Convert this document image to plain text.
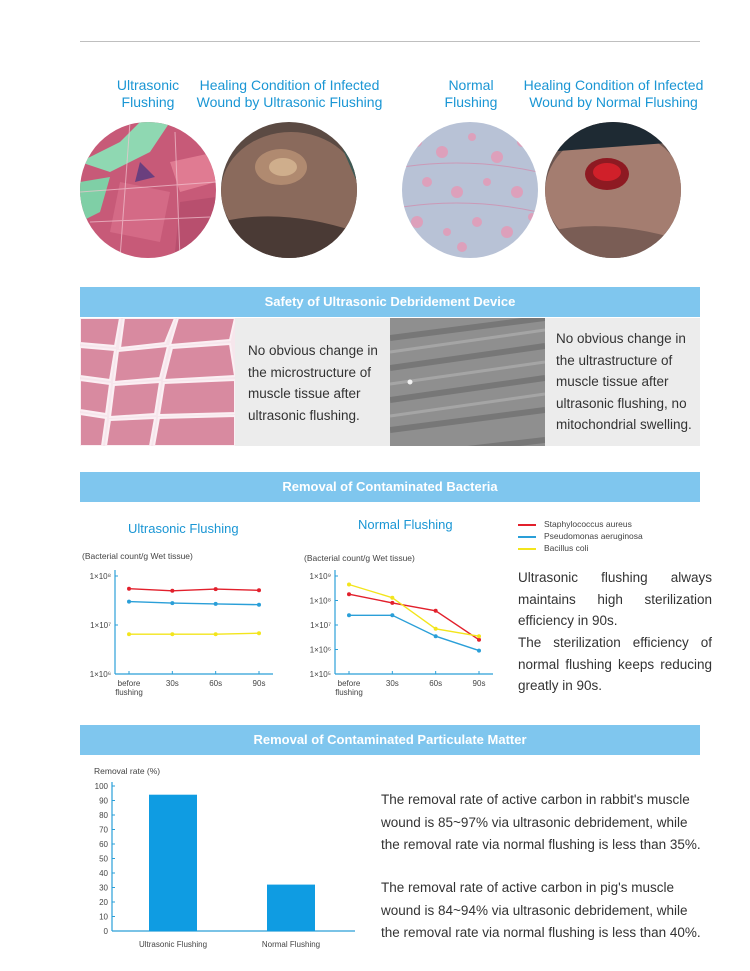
Ultrasonic
Flushing
Healing Condition of Infected
Wound by Ultrasonic Flushing
Normal
Flushing
Healing Condition of Infected
Wound by Normal Flushing
Safety of Ultrasonic Debridement Device
No obvious change in the microstructure of muscle tissue after ultrasonic flushing.
No obvious change in the ultrastructure of muscle tissue after ultrasonic flushing, no mitochondrial swelling.
Removal of Contaminated Bacteria
Ultrasonic Flushing
(Bacterial count/g Wet tissue)
1×10⁸
1×10⁷
1×10⁶
before flushing
30s	60s	90s
Normal Flushing
(Bacterial count/g Wet tissue)
1×10⁹
1×10⁸
1×10⁷
1×10⁶
1×10⁵
before flushing
30s	60s	90s
Staphylococcus aureus
Pseudomonas aeruginosa
Bacillus coli
Ultrasonic flushing always maintains high sterilization efficiency in 90s.
The sterilization efficiency of normal flushing keeps reducing greatly in 90s.
Removal of Contaminated Particulate Matter
Removal rate (%)
0
10
20
30
40
50
60
70
80
90
100
Ultrasonic Flushing	Normal Flushing
The removal rate of active carbon in rabbit's muscle wound is 85~97% via ultrasonic debridement, while the removal rate via normal flushing is less than 35%.
The removal rate of active carbon in pig's muscle wound is 84~94% via ultrasonic debridement, while the removal rate via normal flushing is less than 40%.
